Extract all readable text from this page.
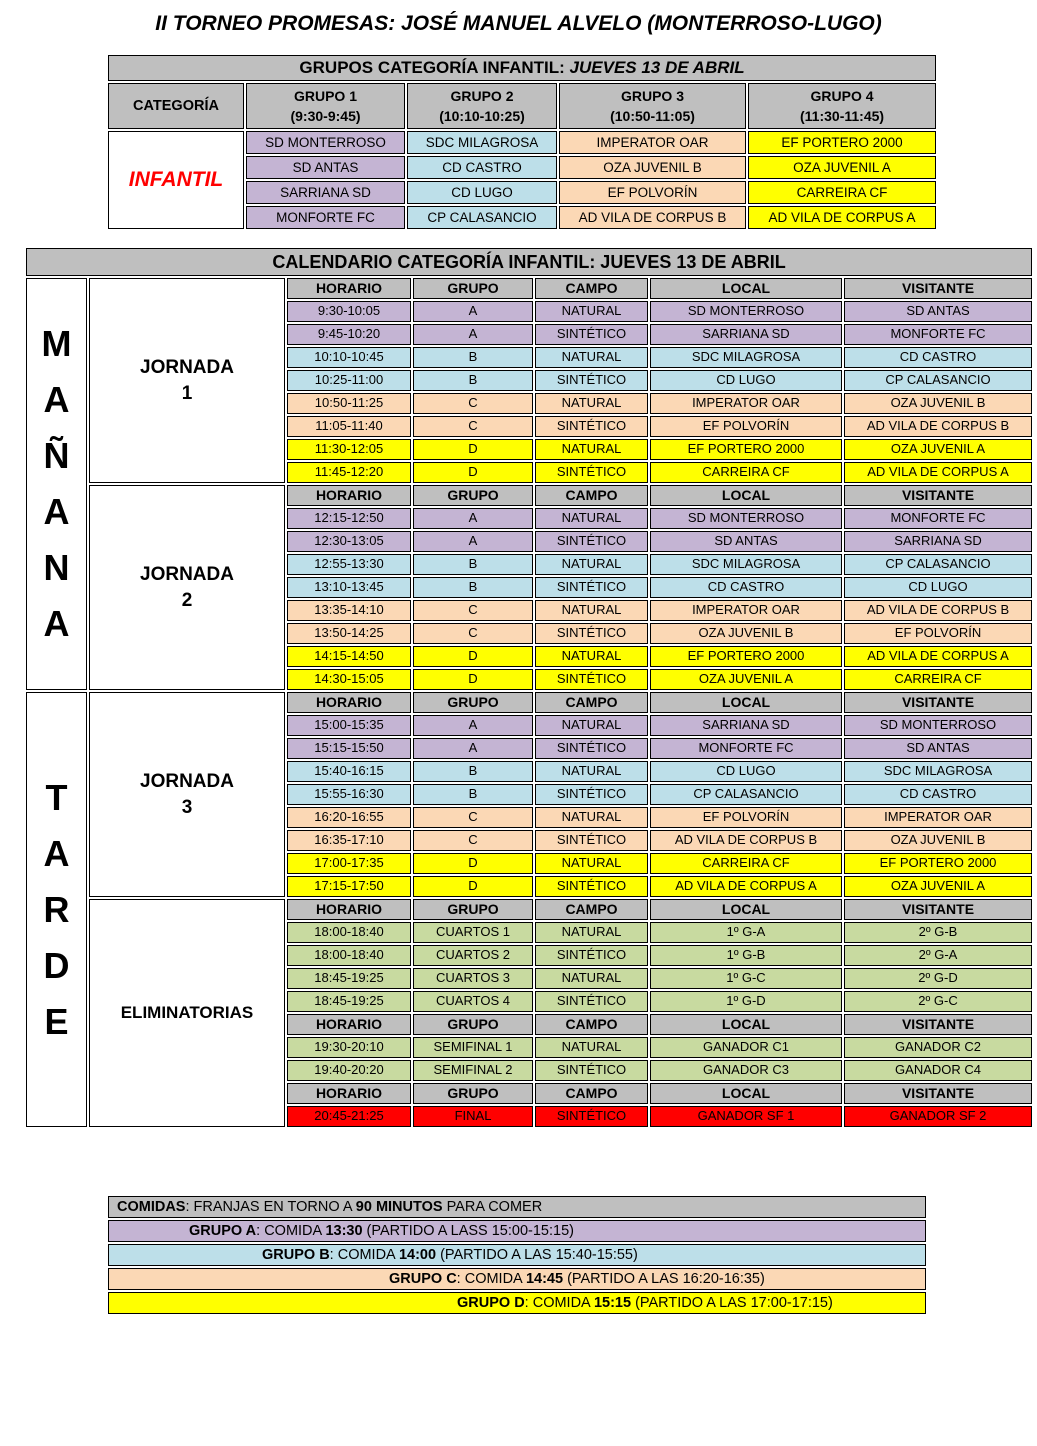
II TORNEO PROMESAS: JOSÉ MANUEL ALVELO (MONTERROSO-LUGO)
GRUPOS CATEGORÍA INFANTIL: JUEVES 13 DE ABRIL				
CATEGORÍA	
GRUPO 1
(9:30-9:45)

GRUPO 2
(10:10-10:25)

GRUPO 3
(10:50-11:05)

GRUPO 4
(11:30-11:45)

INFANTIL	SD MONTERROSO	SDC MILAGROSA	IMPERATOR OAR	EF PORTERO 2000
	SD ANTAS	CD CASTRO	OZA JUVENIL B	OZA JUVENIL A
	SARRIANA SD	CD LUGO	EF POLVORÍN	CARREIRA CF
	MONFORTE FC	CP CALASANCIO	AD VILA DE CORPUS B	AD VILA DE CORPUS A
CALENDARIO CATEGORÍA INFANTIL: JUEVES 13 DE ABRIL						

M
A
Ñ
A
N
A

JORNADA
1
	HORARIO	GRUPO	CAMPO	LOCAL	VISITANTE
		9:30-10:05	A	NATURAL	SD MONTERROSO	SD ANTAS
		9:45-10:20	A	SINTÉTICO	SARRIANA SD	MONFORTE FC
		10:10-10:45	B	NATURAL	SDC MILAGROSA	CD CASTRO
		10:25-11:00	B	SINTÉTICO	CD LUGO	CP CALASANCIO
		10:50-11:25	C	NATURAL	IMPERATOR OAR	OZA JUVENIL B
		11:05-11:40	C	SINTÉTICO	EF POLVORÍN	AD VILA DE CORPUS B
		11:30-12:05	D	NATURAL	EF PORTERO 2000	OZA JUVENIL A
		11:45-12:20	D	SINTÉTICO	CARREIRA CF	AD VILA DE CORPUS A

	JORNADA
2	HORARIO	GRUPO	CAMPO	LOCAL	VISITANTE
		12:15-12:50	A	NATURAL	SD MONTERROSO	MONFORTE FC
		12:30-13:05	A	SINTÉTICO	SD ANTAS	SARRIANA SD
		12:55-13:30	B	NATURAL	SDC MILAGROSA	CP CALASANCIO
		13:10-13:45	B	SINTÉTICO	CD CASTRO	CD LUGO
		13:35-14:10	C	NATURAL	IMPERATOR OAR	AD VILA DE CORPUS B
		13:50-14:25	C	SINTÉTICO	OZA JUVENIL B	EF POLVORÍN
		14:15-14:50	D	NATURAL	EF PORTERO 2000	AD VILA DE CORPUS A
		14:30-15:05	D	SINTÉTICO	OZA JUVENIL A	CARREIRA CF

T
A
R
D
E

JORNADA
3
	HORARIO	GRUPO	CAMPO	LOCAL	VISITANTE
		15:00-15:35	A	NATURAL	SARRIANA SD	SD MONTERROSO
		15:15-15:50	A	SINTÉTICO	MONFORTE FC	SD ANTAS
		15:40-16:15	B	NATURAL	CD LUGO	SDC MILAGROSA
		15:55-16:30	B	SINTÉTICO	CP CALASANCIO	CD CASTRO
		16:20-16:55	C	NATURAL	EF POLVORÍN	IMPERATOR OAR
		16:35-17:10	C	SINTÉTICO	AD VILA DE CORPUS B	OZA JUVENIL B
		17:00-17:35	D	NATURAL	CARREIRA CF	EF PORTERO 2000
		17:15-17:50	D	SINTÉTICO	AD VILA DE CORPUS A	OZA JUVENIL A

	ELIMINATORIAS	HORARIO	GRUPO	CAMPO	LOCAL	VISITANTE
		18:00-18:40	CUARTOS 1	NATURAL	1º G-A	2º G-B
		18:00-18:40	CUARTOS 2	SINTÉTICO	1º G-B	2º G-A
		18:45-19:25	CUARTOS 3	NATURAL	1º G-C	2º G-D
		18:45-19:25	CUARTOS 4	SINTÉTICO	1º G-D	2º G-C
		HORARIO	GRUPO	CAMPO	LOCAL	VISITANTE
		19:30-20:10	SEMIFINAL 1	NATURAL	GANADOR C1	GANADOR C2
		19:40-20:20	SEMIFINAL 2	SINTÉTICO	GANADOR C3	GANADOR C4
		HORARIO	GRUPO	CAMPO	LOCAL	VISITANTE
		20:45-21:25	FINAL	SINTÉTICO	GANADOR SF 1	GANADOR SF 2
COMIDAS: FRANJAS EN TORNO A 90 MINUTOS PARA COMER
GRUPO A: COMIDA 13:30 (PARTIDO A LASS 15:00-15:15)
GRUPO B: COMIDA 14:00 (PARTIDO A LAS 15:40-15:55)
GRUPO C: COMIDA 14:45 (PARTIDO A LAS 16:20-16:35)
GRUPO D: COMIDA 15:15 (PARTIDO A LAS 17:00-17:15)
